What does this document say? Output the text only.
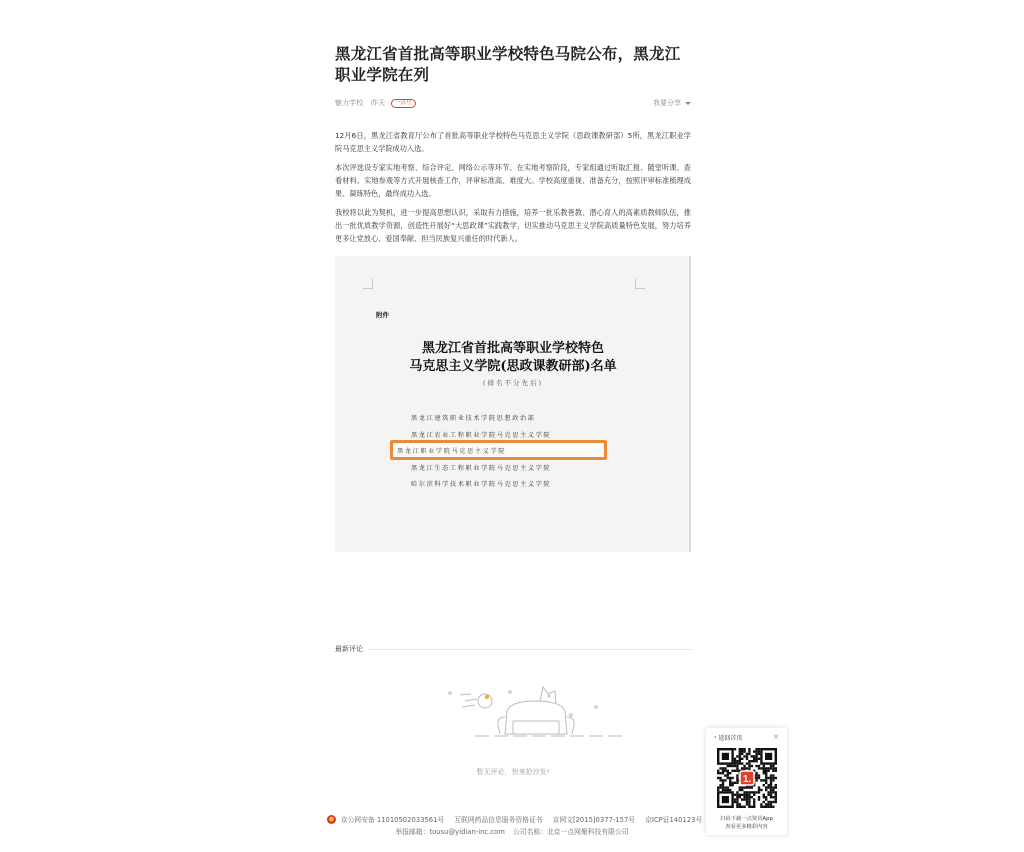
黑龙江省首批高等职业学校特色马院公布，黑龙江职业学院在列
魅力学校 昨天	一点号	我要分享

12月6日，黑龙江省教育厅公布了首批高等职业学校特色马克思主义学院（思政课教研部）5所，黑龙江职业学院马克思主义学院成功入选。

本次评选设专家实地考察、综合评定、网络公示等环节。在实地考察阶段，专家组通过听取汇报、随堂听课、查看材料、实地参观等方式开展核查工作，评审标准高、难度大。学校高度重视、准备充分，按照评审标准梳理成果、凝练特色，最终成功入选。

我校将以此为契机，进一步提高思想认识，采取有力措施，培养一批乐教善教、潜心育人的高素质教师队伍，推出一批优质教学资源，创造性开展好“大思政课”实践教学，切实推动马克思主义学院高质量特色发展，努力培养更多让党放心、爱国奉献、担当民族复兴重任的时代新人。

附件
黑龙江省首批高等职业学校特色
马克思主义学院(思政课教研部)名单
(排名不分先后)
黑龙江建筑职业技术学院思想政治部
黑龙江农业工程职业学院马克思主义学院
黑龙江职业学院马克思主义学院
黑龙江生态工程职业学院马克思主义学院
哈尔滨科学技术职业学院马克思主义学院
最新评论
暂无评论，快来抢沙发!
‹ 返回首页	✕
1.
扫码下载一点资讯App
查看更多精彩内容
京公网安备 11010502033561号 互联网药品信息服务资格证书 京网文[2015]0377-157号 京ICP证140123号
举报邮箱：tousu@yidian-inc.com 公司名称：北京一点网聚科技有限公司
